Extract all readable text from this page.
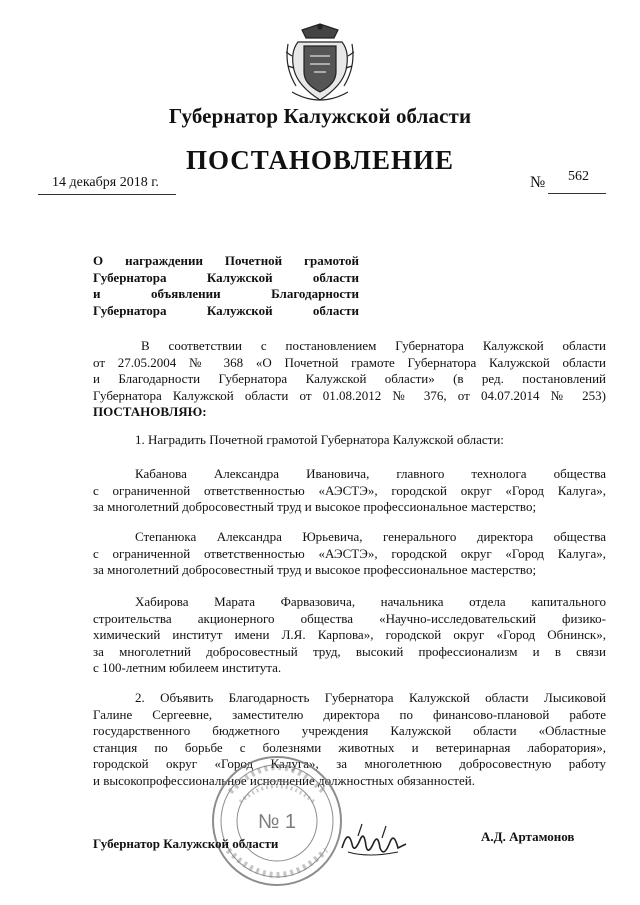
Губернатор Калужской области
ПОСТАНОВЛЕНИЕ
14 декабря 2018 г.	№ 562
О награждении Почетной грамотой
Губернатора Калужской области
и объявлении Благодарности
Губернатора Калужской области
В соответствии с постановлением Губернатора Калужской области
от 27.05.2004 № 368 «О Почетной грамоте Губернатора Калужской области
и Благодарности Губернатора Калужской области» (в ред. постановлений
Губернатора Калужской области от 01.08.2012 № 376, от 04.07.2014 № 253)
ПОСТАНОВЛЯЮ:
1. Наградить Почетной грамотой Губернатора Калужской области:
Кабанова Александра Ивановича, главного технолога общества
с ограниченной ответственностью «АЭСТЭ», городской округ «Город Калуга»,
за многолетний добросовестный труд и высокое профессиональное мастерство;
Степанюка Александра Юрьевича, генерального директора общества
с ограниченной ответственностью «АЭСТЭ», городской округ «Город Калуга»,
за многолетний добросовестный труд и высокое профессиональное мастерство;
Хабирова Марата Фарвазовича, начальника отдела капитального
строительства акционерного общества «Научно-исследовательский физико-
химический институт имени Л.Я. Карпова», городской округ «Город Обнинск»,
за многолетний добросовестный труд, высокий профессионализм и в связи
с 100-летним юбилеем института.
2. Объявить Благодарность Губернатора Калужской области Лысиковой
Галине Сергеевне, заместителю директора по финансово-плановой работе
государственного бюджетного учреждения Калужской области «Областные
станция по борьбе с болезнями животных и ветеринарная лаборатория»,
городской округ «Город Калуга», за многолетнюю добросовестную работу
и высокопрофессиональное исполнение должностных обязанностей.
№ 1
Губернатор Калужской области	А.Д. Артамонов
